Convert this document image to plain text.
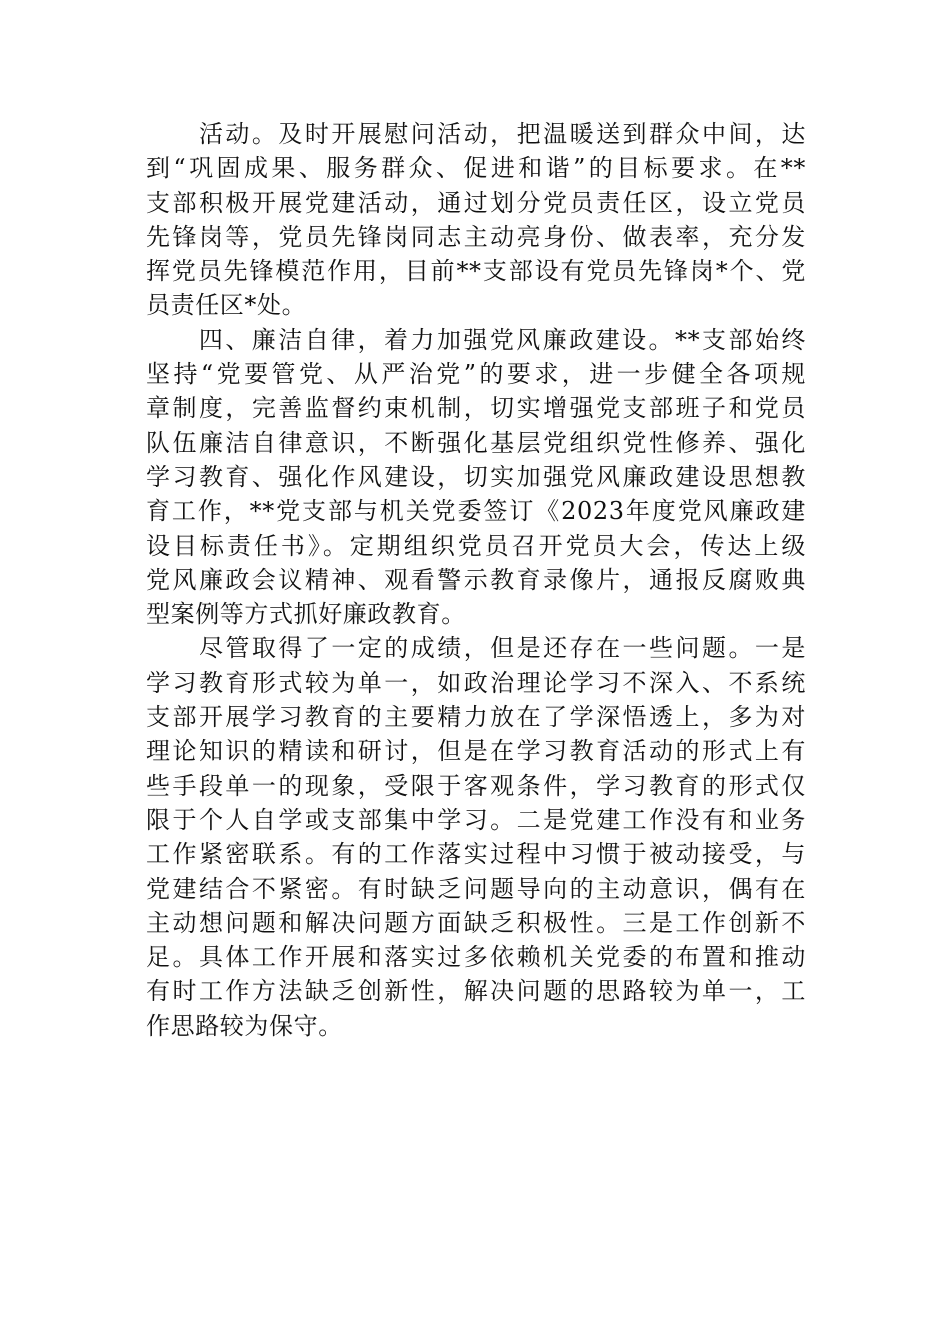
　　活动。及时开展慰问活动，把温暖送到群众中间，达
到“巩固成果、服务群众、促进和谐”的目标要求。在**
支部积极开展党建活动，通过划分党员责任区，设立党员
先锋岗等，党员先锋岗同志主动亮身份、做表率，充分发
挥党员先锋模范作用，目前**支部设有党员先锋岗*个、党
员责任区*处。

　　四、廉洁自律，着力加强党风廉政建设。**支部始终
坚持“党要管党、从严治党”的要求，进一步健全各项规
章制度，完善监督约束机制，切实增强党支部班子和党员
队伍廉洁自律意识，不断强化基层党组织党性修养、强化
学习教育、强化作风建设，切实加强党风廉政建设思想教
育工作，**党支部与机关党委签订《2023年度党风廉政建
设目标责任书》。定期组织党员召开党员大会，传达上级
党风廉政会议精神、观看警示教育录像片，通报反腐败典
型案例等方式抓好廉政教育。

　　尽管取得了一定的成绩，但是还存在一些问题。一是
学习教育形式较为单一，如政治理论学习不深入、不系统
支部开展学习教育的主要精力放在了学深悟透上，多为对
理论知识的精读和研讨，但是在学习教育活动的形式上有
些手段单一的现象，受限于客观条件，学习教育的形式仅
限于个人自学或支部集中学习。二是党建工作没有和业务
工作紧密联系。有的工作落实过程中习惯于被动接受，与
党建结合不紧密。有时缺乏问题导向的主动意识，偶有在
主动想问题和解决问题方面缺乏积极性。三是工作创新不
足。具体工作开展和落实过多依赖机关党委的布置和推动
有时工作方法缺乏创新性，解决问题的思路较为单一，工
作思路较为保守。
